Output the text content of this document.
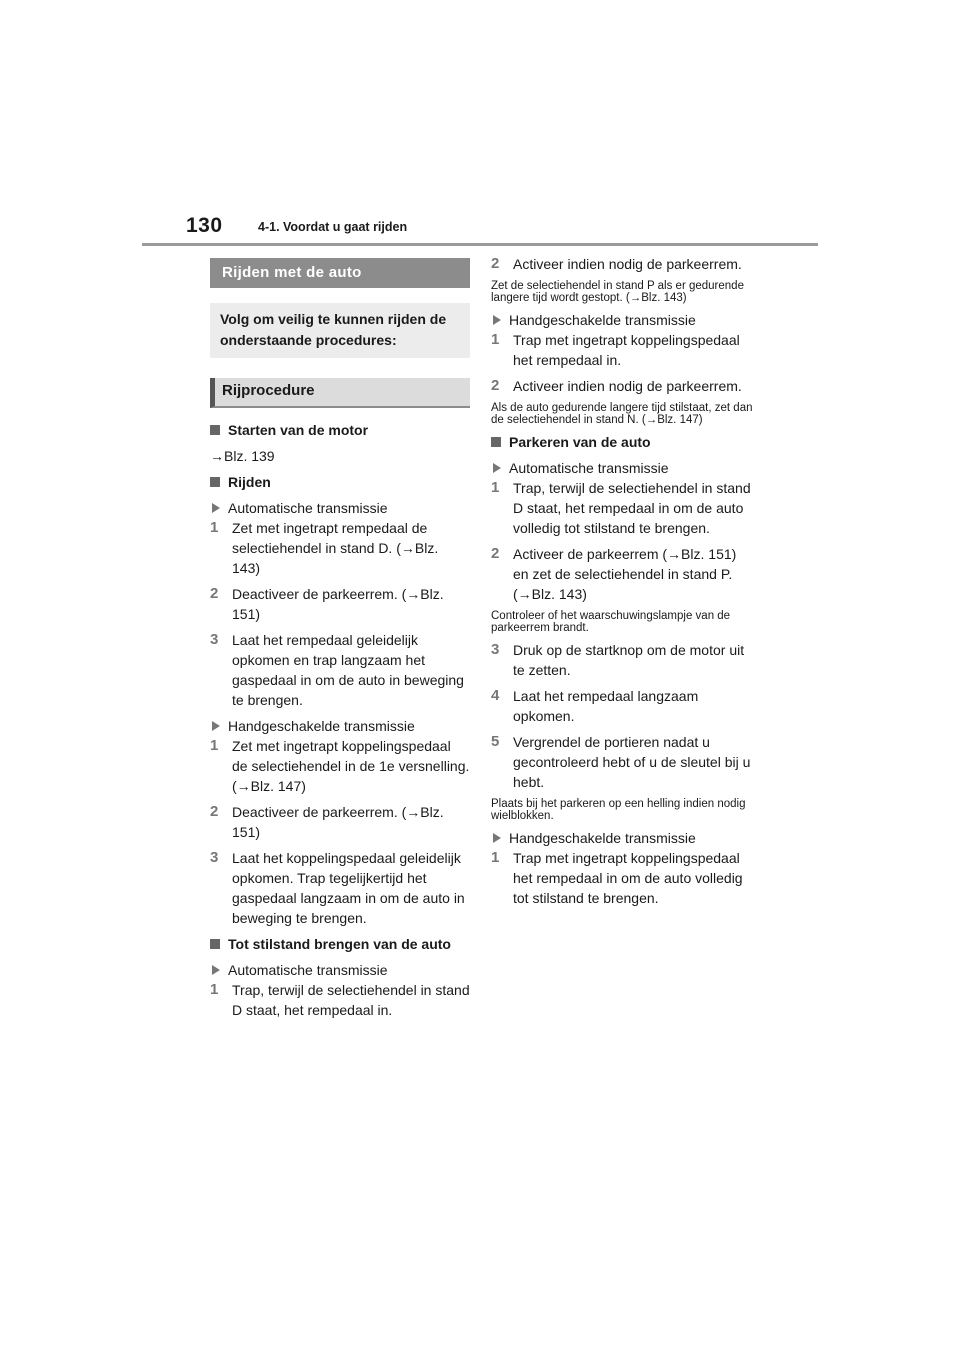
130	4-1. Voordat u gaat rijden
Rijden met de auto
Volg om veilig te kunnen rijden de onderstaande procedures:
Rijprocedure
Starten van de motor
→Blz. 139
Rijden
Automatische transmissie
1 Zet met ingetrapt rempedaal de selectiehendel in stand D. (→Blz. 143)
2 Deactiveer de parkeerrem. (→Blz. 151)
3 Laat het rempedaal geleidelijk opkomen en trap langzaam het gaspedaal in om de auto in beweging te brengen.
Handgeschakelde transmissie
1 Zet met ingetrapt koppelingspedaal de selectiehendel in de 1e versnelling. (→Blz. 147)
2 Deactiveer de parkeerrem. (→Blz. 151)
3 Laat het koppelingspedaal geleidelijk opkomen. Trap tegelijkertijd het gaspedaal langzaam in om de auto in beweging te brengen.
Tot stilstand brengen van de auto
Automatische transmissie
1 Trap, terwijl de selectiehendel in stand D staat, het rempedaal in.
2 Activeer indien nodig de parkeerrem.
Zet de selectiehendel in stand P als er gedurende langere tijd wordt gestopt. (→Blz. 143)
Handgeschakelde transmissie
1 Trap met ingetrapt koppelingspedaal het rempedaal in.
2 Activeer indien nodig de parkeerrem.
Als de auto gedurende langere tijd stilstaat, zet dan de selectiehendel in stand N. (→Blz. 147)
Parkeren van de auto
Automatische transmissie
1 Trap, terwijl de selectiehendel in stand D staat, het rempedaal in om de auto volledig tot stilstand te brengen.
2 Activeer de parkeerrem (→Blz. 151) en zet de selectiehendel in stand P. (→Blz. 143)
Controleer of het waarschuwingslampje van de parkeerrem brandt.
3 Druk op de startknop om de motor uit te zetten.
4 Laat het rempedaal langzaam opkomen.
5 Vergrendel de portieren nadat u gecontroleerd hebt of u de sleutel bij u hebt.
Plaats bij het parkeren op een helling indien nodig wielblokken.
Handgeschakelde transmissie
1 Trap met ingetrapt koppelingspedaal het rempedaal in om de auto volledig tot stilstand te brengen.
